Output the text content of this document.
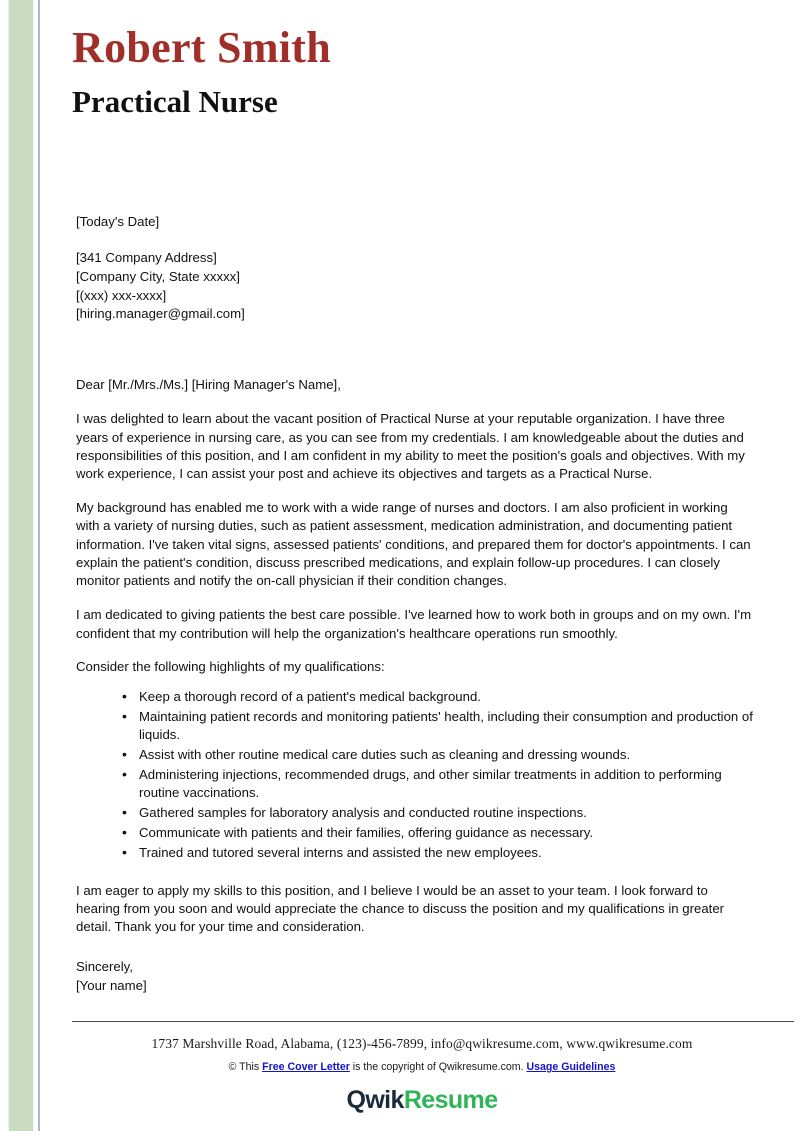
Robert Smith
Practical Nurse
[Today's Date]
[341 Company Address]
[Company City, State xxxxx]
[(xxx) xxx-xxxx]
[hiring.manager@gmail.com]
Dear [Mr./Mrs./Ms.] [Hiring Manager's Name],

I was delighted to learn about the vacant position of Practical Nurse at your reputable organization. I have three years of experience in nursing care, as you can see from my credentials. I am knowledgeable about the duties and responsibilities of this position, and I am confident in my ability to meet the position's goals and objectives. With my work experience, I can assist your post and achieve its objectives and targets as a Practical Nurse.

My background has enabled me to work with a wide range of nurses and doctors. I am also proficient in working with a variety of nursing duties, such as patient assessment, medication administration, and documenting patient information. I've taken vital signs, assessed patients' conditions, and prepared them for doctor's appointments. I can explain the patient's condition, discuss prescribed medications, and explain follow-up procedures. I can closely monitor patients and notify the on-call physician if their condition changes.

I am dedicated to giving patients the best care possible. I've learned how to work both in groups and on my own. I'm confident that my contribution will help the organization's healthcare operations run smoothly.

Consider the following highlights of my qualifications:

• Keep a thorough record of a patient's medical background.
• Maintaining patient records and monitoring patients' health, including their consumption and production of liquids.
• Assist with other routine medical care duties such as cleaning and dressing wounds.
• Administering injections, recommended drugs, and other similar treatments in addition to performing routine vaccinations.
• Gathered samples for laboratory analysis and conducted routine inspections.
• Communicate with patients and their families, offering guidance as necessary.
• Trained and tutored several interns and assisted the new employees.

I am eager to apply my skills to this position, and I believe I would be an asset to your team. I look forward to hearing from you soon and would appreciate the chance to discuss the position and my qualifications in greater detail. Thank you for your time and consideration.

Sincerely,
[Your name]
1737 Marshville Road, Alabama, (123)-456-7899, info@qwikresume.com, www.qwikresume.com
© This Free Cover Letter is the copyright of Qwikresume.com. Usage Guidelines
QwikResume
